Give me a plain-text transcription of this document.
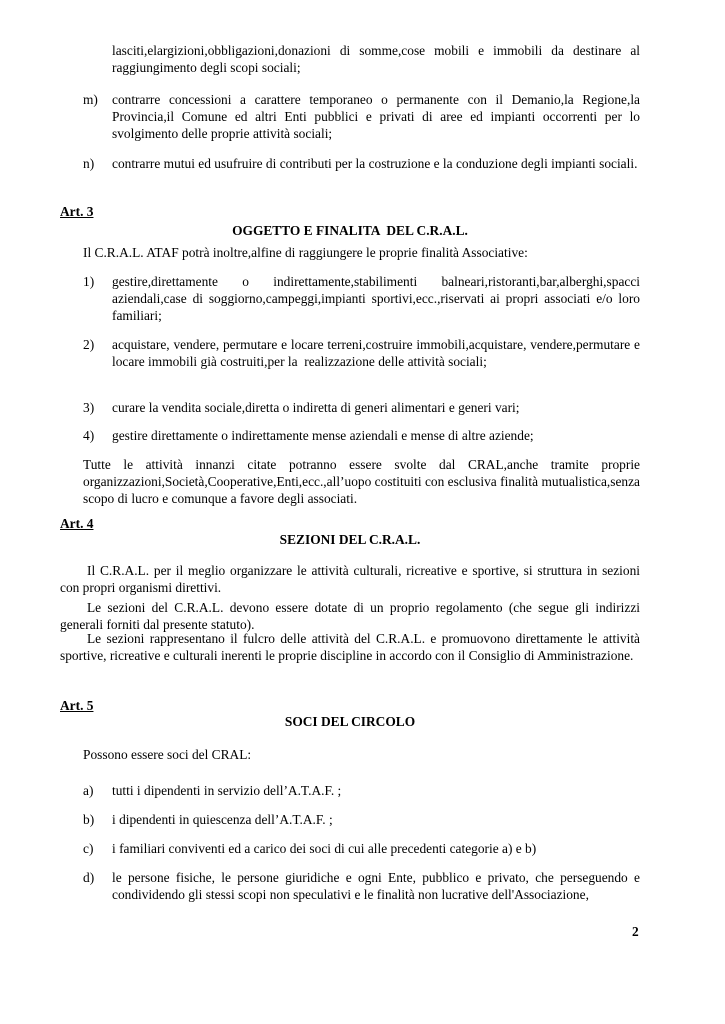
lasciti,elargizioni,obbligazioni,donazioni di somme,cose mobili e immobili da destinare al raggiungimento degli scopi sociali;
m) contrarre concessioni a carattere temporaneo o permanente con il Demanio,la Regione,la Provincia,il Comune ed altri Enti pubblici e privati di aree ed impianti occorrenti per lo svolgimento delle proprie attività sociali;
n) contrarre mutui ed usufruire di contributi per la costruzione e la conduzione degli impianti sociali.
Art. 3
OGGETTO E FINALITA  DEL C.R.A.L.
Il C.R.A.L. ATAF potrà inoltre,alfine di raggiungere le proprie finalità Associative:
1) gestire,direttamente o indirettamente,stabilimenti balneari,ristoranti,bar,alberghi,spacci aziendali,case di soggiorno,campeggi,impianti sportivi,ecc.,riservati ai propri associati e/o loro familiari;
2) acquistare, vendere, permutare e locare terreni,costruire immobili,acquistare, vendere,permutare e locare immobili già costruiti,per la  realizzazione delle attività sociali;
3) curare la vendita sociale,diretta o indiretta di generi alimentari e generi vari;
4) gestire direttamente o indirettamente mense aziendali e mense di altre aziende;
Tutte le attività innanzi citate potranno essere svolte dal CRAL,anche tramite proprie organizzazioni,Società,Cooperative,Enti,ecc.,all’uopo costituiti con esclusiva finalità mutualistica,senza scopo di lucro e comunque a favore degli associati.
Art. 4
SEZIONI DEL C.R.A.L.
Il C.R.A.L. per il meglio organizzare le attività culturali, ricreative e sportive, si struttura in sezioni con propri organismi direttivi.
Le sezioni del C.R.A.L. devono essere dotate di un proprio regolamento (che segue gli indirizzi generali forniti dal presente statuto).
Le sezioni rappresentano il fulcro delle attività del C.R.A.L. e promuovono direttamente le attività sportive, ricreative e culturali inerenti le proprie discipline in accordo con il Consiglio di Amministrazione.
Art. 5
SOCI DEL CIRCOLO
Possono essere soci del CRAL:
a) tutti i dipendenti in servizio dell’A.T.A.F. ;
b) i dipendenti in quiescenza dell’A.T.A.F. ;
c) i familiari conviventi ed a carico dei soci di cui alle precedenti categorie a) e b)
d) le persone fisiche, le persone giuridiche e ogni Ente, pubblico e privato, che perseguendo e condividendo gli stessi scopi non speculativi e le finalità non lucrative dell'Associazione,
2
